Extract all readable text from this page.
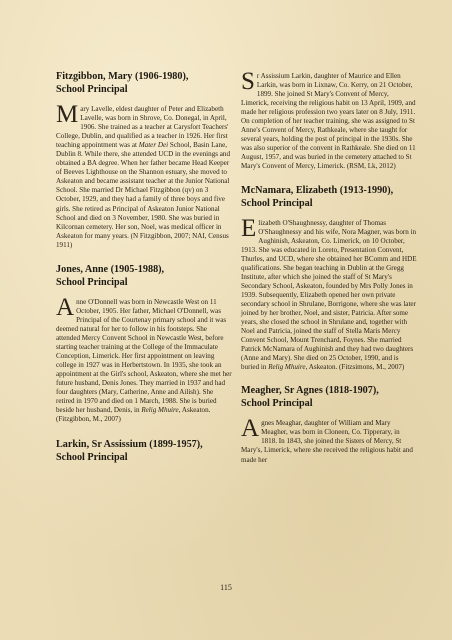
Fitzgibbon, Mary (1906-1980),
School Principal

Mary Lavelle, eldest daughter of Peter and Elizabeth Lavelle, was born in Shrove, Co. Donegal, in April, 1906. She trained as a teacher at Carysfort Teachers' College, Dublin, and qualified as a teacher in 1926. Her first teaching appointment was at Mater Dei School, Basin Lane, Dublin 8. While there, she attended UCD in the evenings and obtained a BA degree. When her father became Head Keeper of Beeves Lighthouse on the Shannon estuary, she moved to Askeaton and became assistant teacher at the Junior National School. She married Dr Michael Fitzgibbon (qv) on 3 October, 1929, and they had a family of three boys and five girls. She retired as Principal of Askeaton Junior National School and died on 3 November, 1980. She was buried in Kilcornan cemetery. Her son, Noel, was medical officer in Askeaton for many years. (N Fitzgibbon, 2007; NAI, Census 1911)

Jones, Anne (1905-1988),
School Principal

Anne O'Donnell was born in Newcastle West on 11 October, 1905. Her father, Michael O'Donnell, was Principal of the Courtenay primary school and it was deemed natural for her to follow in his footsteps. She attended Mercy Convent School in Newcastle West, before starting teacher training at the College of the Immaculate Conception, Limerick. Her first appointment on leaving college in 1927 was in Herbertstown. In 1935, she took an appointment at the Girl's school, Askeaton, where she met her future husband, Denis Jones. They married in 1937 and had four daughters (Mary, Catherine, Anne and Ailish). She retired in 1970 and died on 1 March, 1988. She is buried beside her husband, Denis, in Relig Mhuire, Askeaton. (Fitzgibbon, M., 2007)

Larkin, Sr Assissium (1899-1957),
School Principal

Sr Assissium Larkin, daughter of Maurice and Ellen Larkin, was born in Lixnaw, Co. Kerry, on 21 October, 1899. She joined St Mary's Convent of Mercy, Limerick, receiving the religious habit on 13 April, 1909, and made her religious profession two years later on 8 July, 1911. On completion of her teacher training, she was assigned to St Anne's Convent of Mercy, Rathkeale, where she taught for several years, holding the post of principal in the 1930s. She was also superior of the convent in Rathkeale. She died on 11 August, 1957, and was buried in the cemetery attached to St Mary's Convent of Mercy, Limerick. (RSM, Lk, 2012)

McNamara, Elizabeth (1913-1990),
School Principal

Elizabeth O'Shaughnessy, daughter of Thomas O'Shaughnessy and his wife, Nora Magner, was born in Aughinish, Askeaton, Co. Limerick, on 10 October, 1913. She was educated in Loreto, Presentation Convent, Thurles, and UCD, where she obtained her BComm and HDE qualifications. She began teaching in Dublin at the Gregg Institute, after which she joined the staff of St Mary's Secondary School, Askeaton, founded by Mrs Polly Jones in 1939. Subsequently, Elizabeth opened her own private secondary school in Shrulane, Borrigone, where she was later joined by her brother, Noel, and sister, Patricia. After some years, she closed the school in Shrulane and, together with Noel and Patricia, joined the staff of Stella Maris Mercy Convent School, Mount Trenchard, Foynes. She married Patrick McNamara of Aughinish and they had two daughters (Anne and Mary). She died on 25 October, 1990, and is buried in Relig Mhuire, Askeaton. (Fitzsimons, M., 2007)

Meagher, Sr Agnes (1818-1907),
School Principal

Agnes Meaghar, daughter of William and Mary Meagher, was born in Cloneen, Co. Tipperary, in 1818. In 1843, she joined the Sisters of Mercy, St Mary's, Limerick, where she received the religious habit and made her

115
